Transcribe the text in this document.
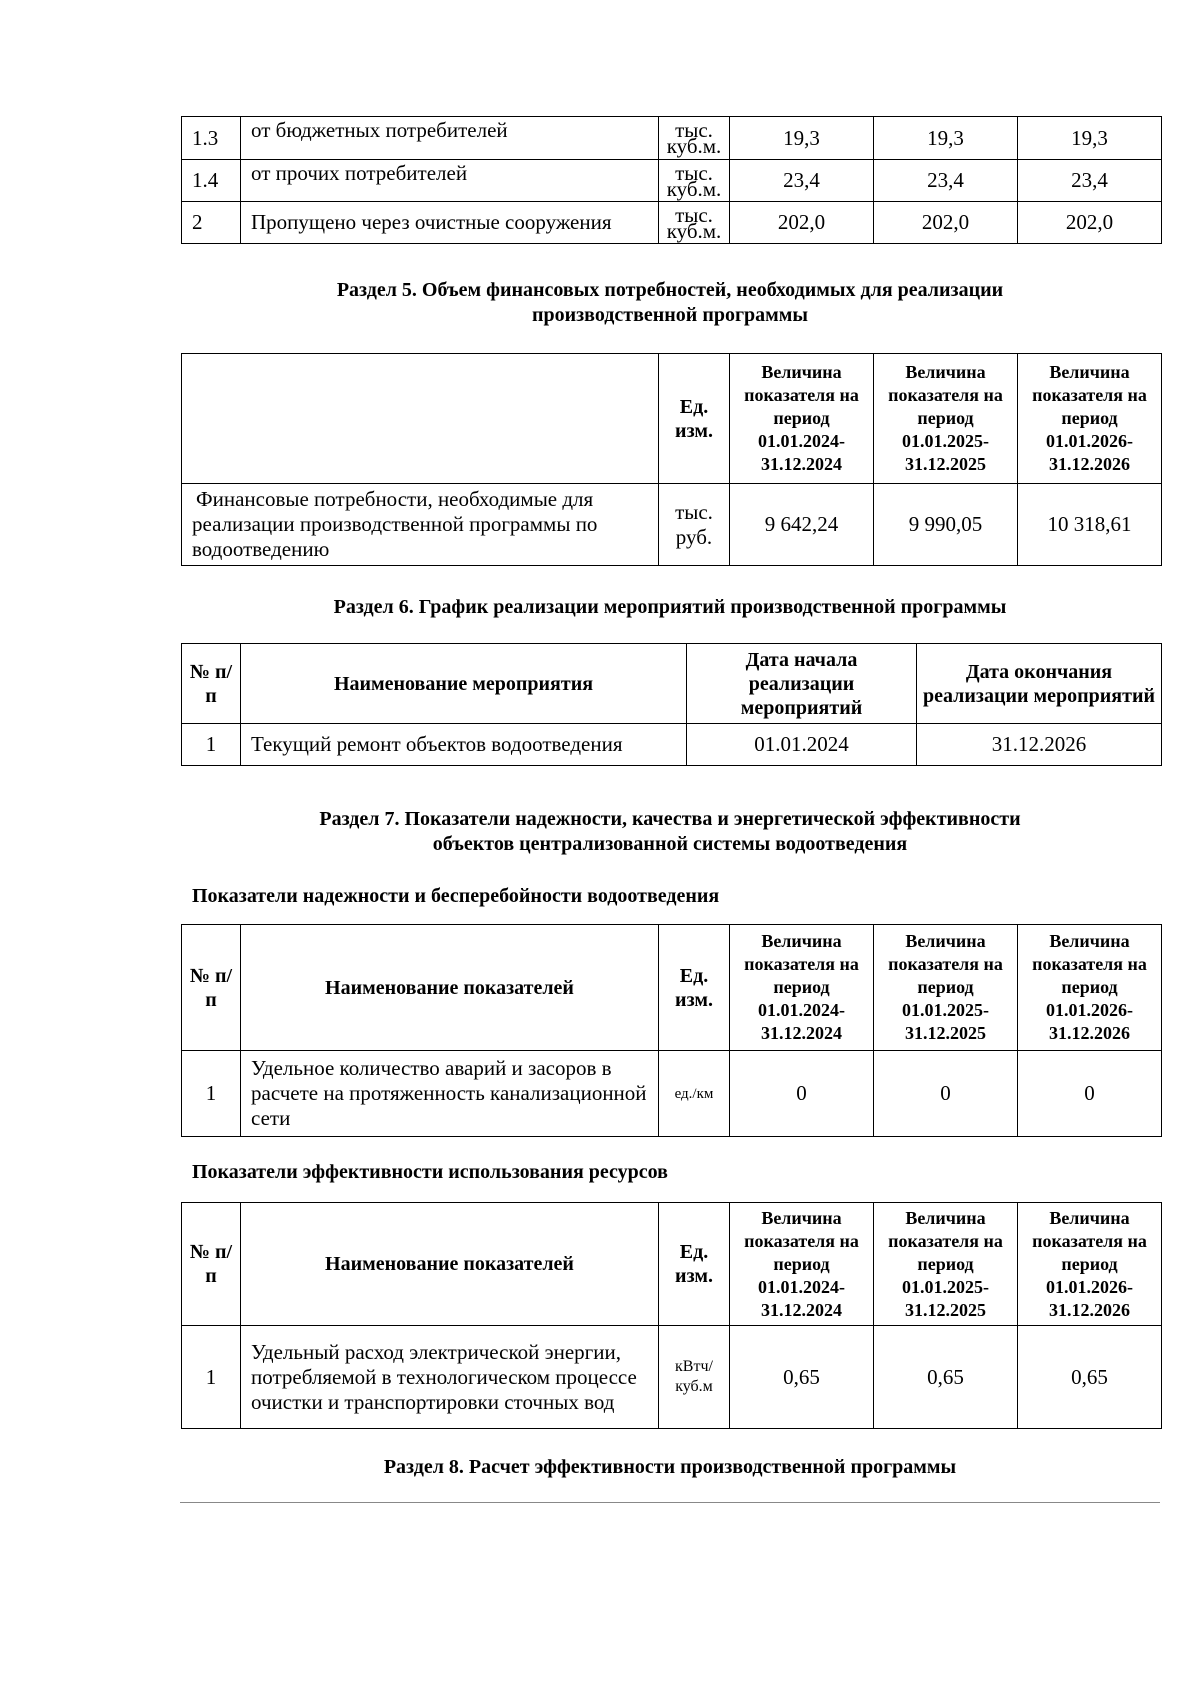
1.3	от бюджетных потребителей	тыс. куб.м.	19,3	19,3	19,3
1.4	от прочих потребителей	тыс. куб.м.	23,4	23,4	23,4
2	Пропущено через очистные сооружения	тыс. куб.м.	202,0	202,0	202,0
Раздел 5. Объем финансовых потребностей, необходимых для реализации
производственной программы
	Ед. изм.	Величина показателя на период 01.01.2024- 31.12.2024	Величина показателя на период 01.01.2025- 31.12.2025	Величина показателя на период 01.01.2026- 31.12.2026
Финансовые потребности, необходимые для реализации производственной программы по водоотведению	тыс. руб.	9 642,24	9 990,05	10 318,61
Раздел 6. График реализации мероприятий производственной программы
№ п/п	Наименование мероприятия	Дата начала реализации мероприятий	Дата окончания реализации мероприятий
1	Текущий ремонт объектов водоотведения	01.01.2024	31.12.2026
Раздел 7. Показатели надежности, качества и энергетической эффективности
объектов централизованной системы водоотведения
Показатели надежности и бесперебойности водоотведения
№ п/п	Наименование показателей	Ед. изм.	Величина показателя на период 01.01.2024- 31.12.2024	Величина показателя на период 01.01.2025- 31.12.2025	Величина показателя на период 01.01.2026- 31.12.2026
1	Удельное количество аварий и засоров в расчете на протяженность канализационной сети	ед./км	0	0	0
Показатели эффективности использования ресурсов
№ п/п	Наименование показателей	Ед. изм.	Величина показателя на период 01.01.2024- 31.12.2024	Величина показателя на период 01.01.2025- 31.12.2025	Величина показателя на период 01.01.2026- 31.12.2026
1	Удельный расход электрической энергии, потребляемой в технологическом процессе очистки и транспортировки сточных вод	кВтч/ куб.м	0,65	0,65	0,65
Раздел 8. Расчет эффективности производственной программы
